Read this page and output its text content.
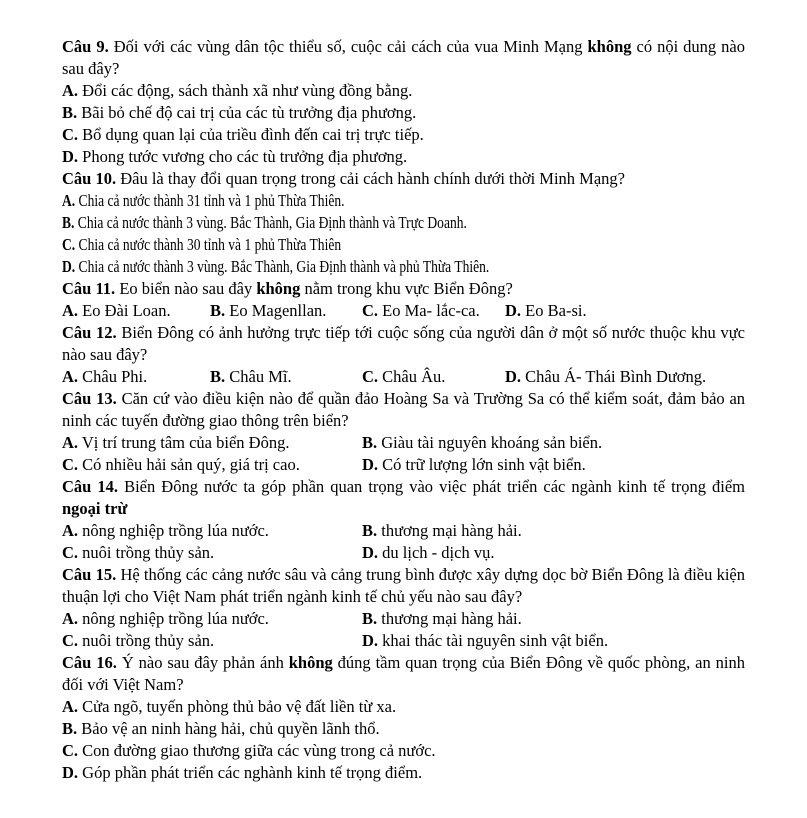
Câu 9. Đối với các vùng dân tộc thiểu số, cuộc cải cách của vua Minh Mạng không có nội dung nào sau đây?

A. Đổi các động, sách thành xã như vùng đồng bằng.

B. Bãi bỏ chế độ cai trị của các tù trưởng địa phương.

C. Bổ dụng quan lại của triều đình đến cai trị trực tiếp.

D. Phong tước vương cho các tù trưởng địa phương.

Câu 10. Đâu là thay đổi quan trọng trong cải cách hành chính dưới thời Minh Mạng?

A. Chia cả nước thành 31 tỉnh và 1 phủ Thừa Thiên.

B. Chia cả nước thành 3 vùng. Bắc Thành, Gia Định thành và Trực Doanh.

C. Chia cả nước thành 30 tỉnh và 1 phủ Thừa Thiên

D. Chia cả nước thành 3 vùng. Bắc Thành, Gia Định thành và phủ Thừa Thiên.

Câu 11. Eo biển nào sau đây không nằm trong khu vực Biển Đông?

A. Eo Đài Loan.	B. Eo Magenllan.	C. Eo Ma- lắc-ca.	D. Eo Ba-si.

Câu 12. Biển Đông có ảnh hưởng trực tiếp tới cuộc sống của người dân ở một số nước thuộc khu vực nào sau đây?

A. Châu Phi.	B. Châu Mĩ.	C. Châu Âu.	D. Châu Á- Thái Bình Dương.

Câu 13. Căn cứ vào điều kiện nào để quần đảo Hoàng Sa và Trường Sa có thể kiểm soát, đảm bảo an ninh các tuyến đường giao thông trên biển?

A. Vị trí trung tâm của biển Đông.	B. Giàu tài nguyên khoáng sản biển.
C. Có nhiều hải sản quý, giá trị cao.	D. Có trữ lượng lớn sinh vật biển.

Câu 14. Biển Đông nước ta góp phần quan trọng vào việc phát triển các ngành kinh tế trọng điểm ngoại trừ

A. nông nghiệp trồng lúa nước.	B. thương mại hàng hải.
C. nuôi trồng thủy sản.	D. du lịch - dịch vụ.

Câu 15. Hệ thống các cảng nước sâu và cảng trung bình được xây dựng dọc bờ Biển Đông là điều kiện thuận lợi cho Việt Nam phát triển ngành kinh tế chủ yếu nào sau đây?

A. nông nghiệp trồng lúa nước.	B. thương mại hàng hải.
C. nuôi trồng thủy sản.	D. khai thác tài nguyên sinh vật biển.

Câu 16. Ý nào sau đây phản ánh không đúng tầm quan trọng của Biển Đông về quốc phòng, an ninh đối với Việt Nam?

A. Cửa ngõ, tuyến phòng thủ bảo vệ đất liền từ xa.

B. Bảo vệ an ninh hàng hải, chủ quyền lãnh thổ.

C. Con đường giao thương giữa các vùng trong cả nước.

D. Góp phần phát triển các nghành kinh tế trọng điểm.
